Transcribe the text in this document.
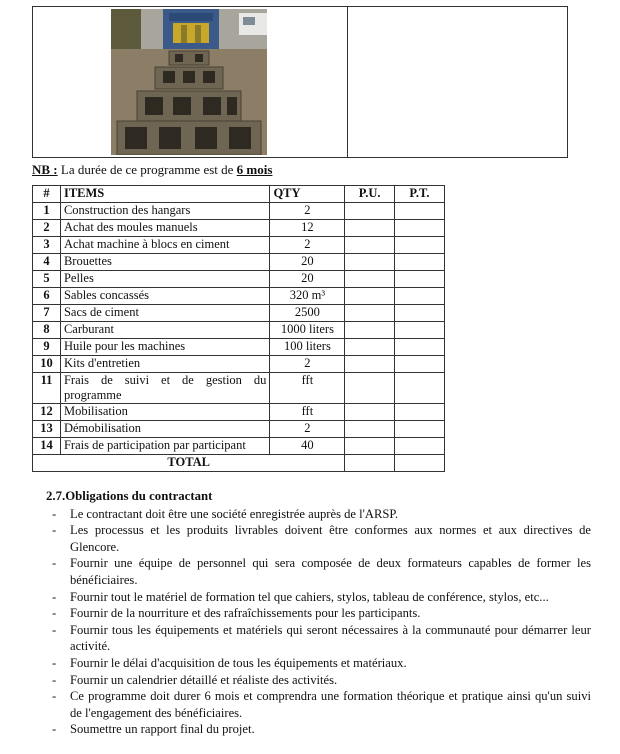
NB : La durée de ce programme est de 6 mois
#	ITEMS	QTY	P.U.	P.T.
1	Construction des hangars	2		
2	Achat des moules manuels	12		
3	Achat machine à blocs en ciment	2		
4	Brouettes	20		
5	Pelles	20		
6	Sables concassés	320 m³		
7	Sacs de ciment	2500		
8	Carburant	1000 liters		
9	Huile pour les machines	100 liters		
10	Kits d'entretien	2		
11	Frais de suivi et de gestion du programme	fft		
12	Mobilisation	fft		
13	Démobilisation	2		
14	Frais de participation par participant	40		
TOTAL				
2.7.Obligations du contractant
- Le contractant doit être une société enregistrée auprès de l'ARSP.
- Les processus et les produits livrables doivent être conformes aux normes et aux directives de Glencore.
- Fournir une équipe de personnel qui sera composée de deux formateurs capables de former les bénéficiaires.
- Fournir tout le matériel de formation tel que cahiers, stylos, tableau de conférence, stylos, etc...
- Fournir de la nourriture et des rafraîchissements pour les participants.
- Fournir tous les équipements et matériels qui seront nécessaires à la communauté pour démarrer leur activité.
- Fournir le délai d'acquisition de tous les équipements et matériaux.
- Fournir un calendrier détaillé et réaliste des activités.
- Ce programme doit durer 6 mois et comprendra une formation théorique et pratique ainsi qu'un suivi de l'engagement des bénéficiaires.
- Soumettre un rapport final du projet.
